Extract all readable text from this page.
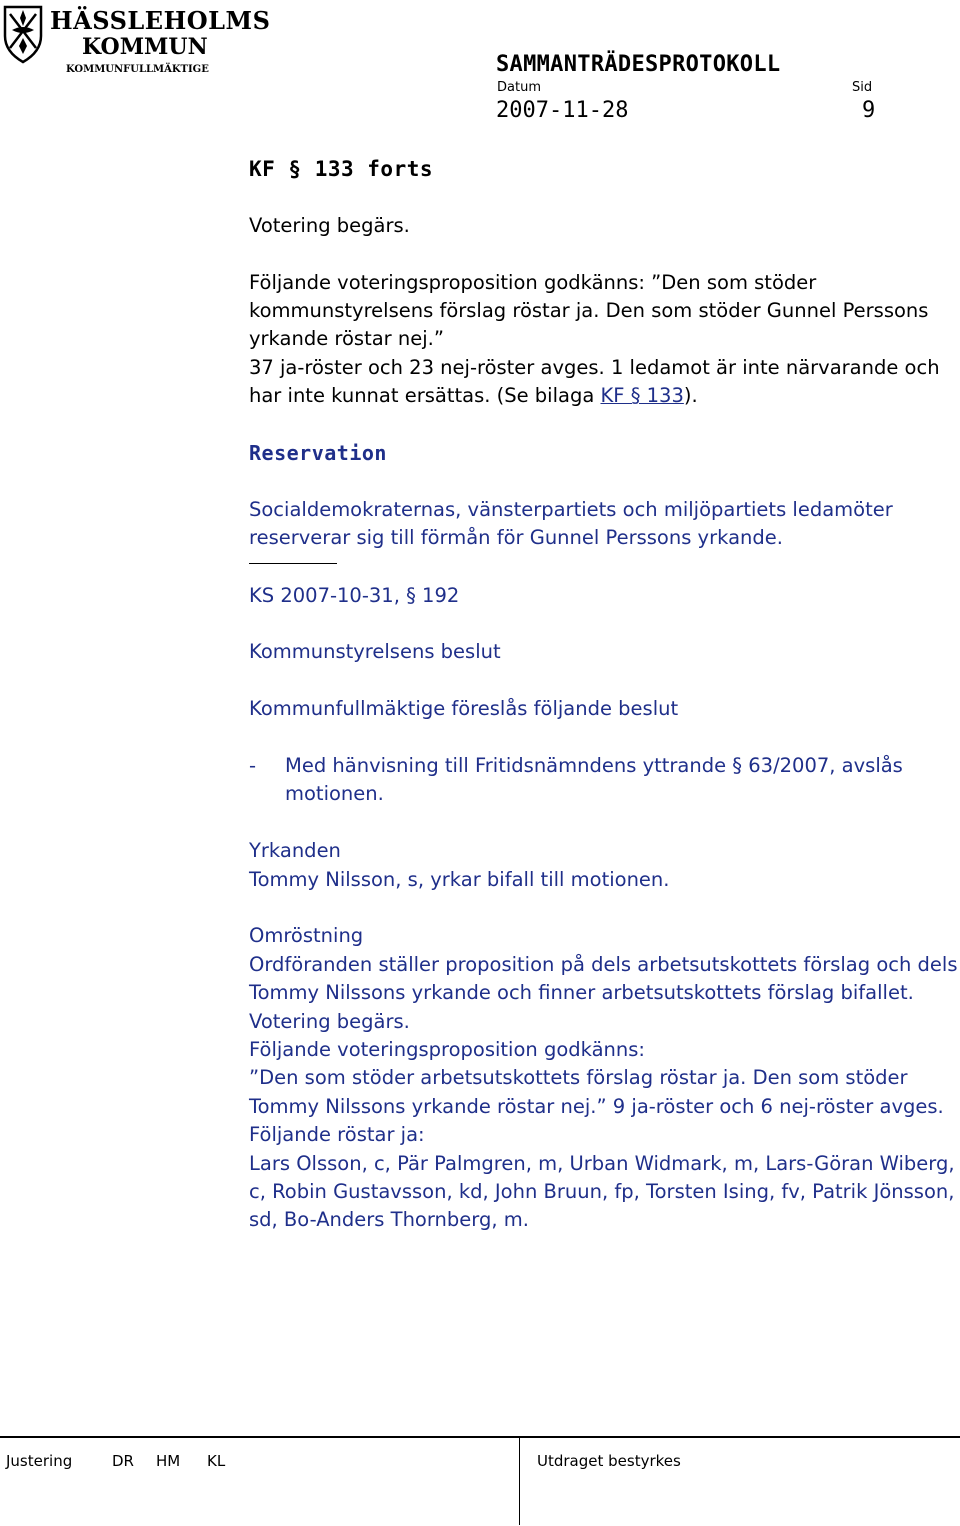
HÄSSLEHOLMS
KOMMUN
KOMMUNFULLMÄKTIGE	SAMMANTRÄDESPROTOKOLL
Datum	Sid
2007-11-28	9

KF § 133 forts

Votering begärs.

Följande voteringsproposition godkänns: ”Den som stöder kommunstyrelsens förslag röstar ja. Den som stöder Gunnel Perssons yrkande röstar nej.”

37 ja-röster och 23 nej-röster avges. 1 ledamot är inte närvarande och har inte kunnat ersättas. (Se bilaga KF § 133).

Reservation

Socialdemokraternas, vänsterpartiets och miljöpartiets ledamöter reserverar sig till förmån för Gunnel Perssons yrkande.

KS 2007-10-31, § 192

Kommunstyrelsens beslut

Kommunfullmäktige föreslås följande beslut

-	Med hänvisning till Fritidsnämndens yttrande § 63/2007, avslås motionen.

Yrkanden

Tommy Nilsson, s, yrkar bifall till motionen.

Omröstning

Ordföranden ställer proposition på dels arbetsutskottets förslag och dels Tommy Nilssons yrkande och finner arbetsutskottets förslag bifallet.

Votering begärs.

Följande voteringsproposition godkänns:

”Den som stöder arbetsutskottets förslag röstar ja. Den som stöder Tommy Nilssons yrkande röstar nej.” 9 ja-röster och 6 nej-röster avges.

Följande röstar ja:

Lars Olsson, c, Pär Palmgren, m, Urban Widmark, m, Lars-Göran Wiberg, c, Robin Gustavsson, kd, John Bruun, fp, Torsten Ising, fv, Patrik Jönsson, sd, Bo-Anders Thornberg, m.

Justering	DR HM KL	Utdraget bestyrkes
